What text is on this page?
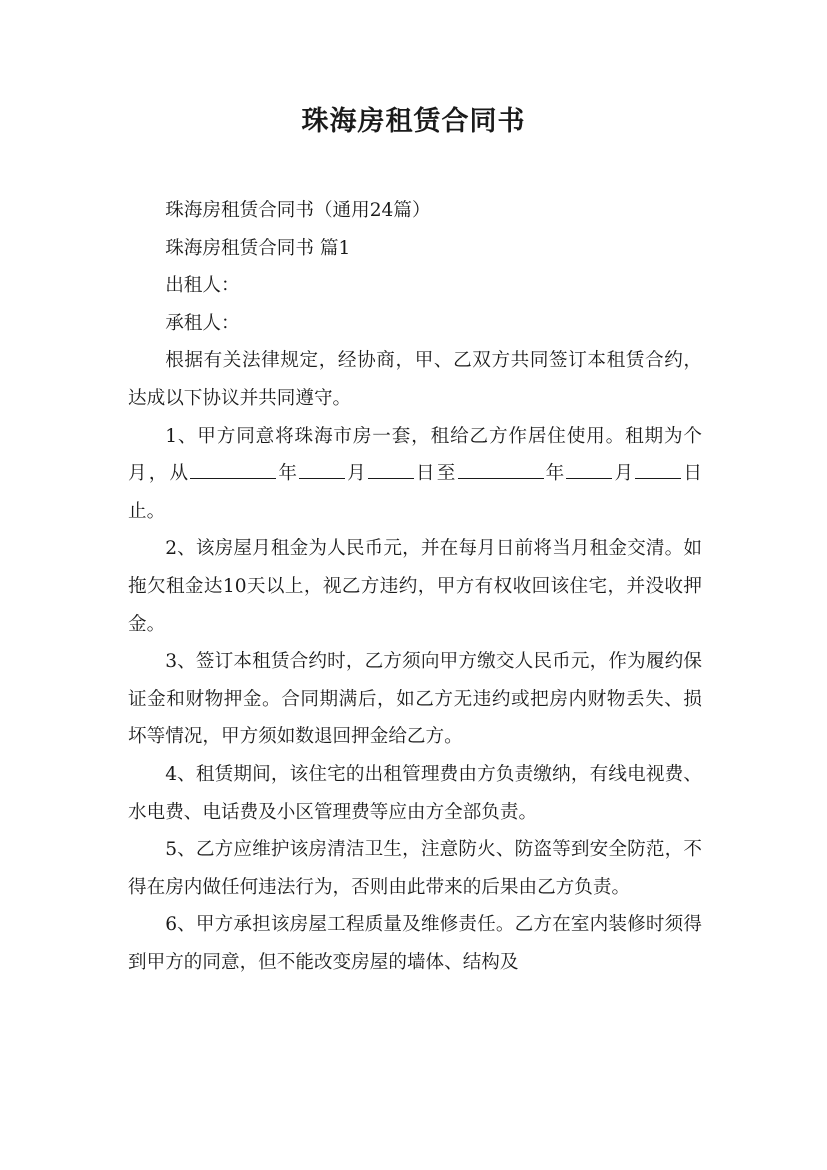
珠海房租赁合同书

珠海房租赁合同书（通用24篇）

珠海房租赁合同书 篇1

出租人：

承租人：

根据有关法律规定，经协商，甲、乙双方共同签订本租赁合约，达成以下协议并共同遵守。

1、甲方同意将珠海市房一套，租给乙方作居住使用。租期为个月，从	年 月 日至	年 月 日止。

2、该房屋月租金为人民币元，并在每月日前将当月租金交清。如拖欠租金达10天以上，视乙方违约，甲方有权收回该住宅，并没收押金。

3、签订本租赁合约时，乙方须向甲方缴交人民币元，作为履约保证金和财物押金。合同期满后，如乙方无违约或把房内财物丢失、损坏等情况，甲方须如数退回押金给乙方。

4、租赁期间，该住宅的出租管理费由方负责缴纳，有线电视费、水电费、电话费及小区管理费等应由方全部负责。

5、乙方应维护该房清洁卫生，注意防火、防盗等到安全防范，不得在房内做任何违法行为，否则由此带来的后果由乙方负责。

6、甲方承担该房屋工程质量及维修责任。乙方在室内装修时须得到甲方的同意，但不能改变房屋的墙体、结构及
